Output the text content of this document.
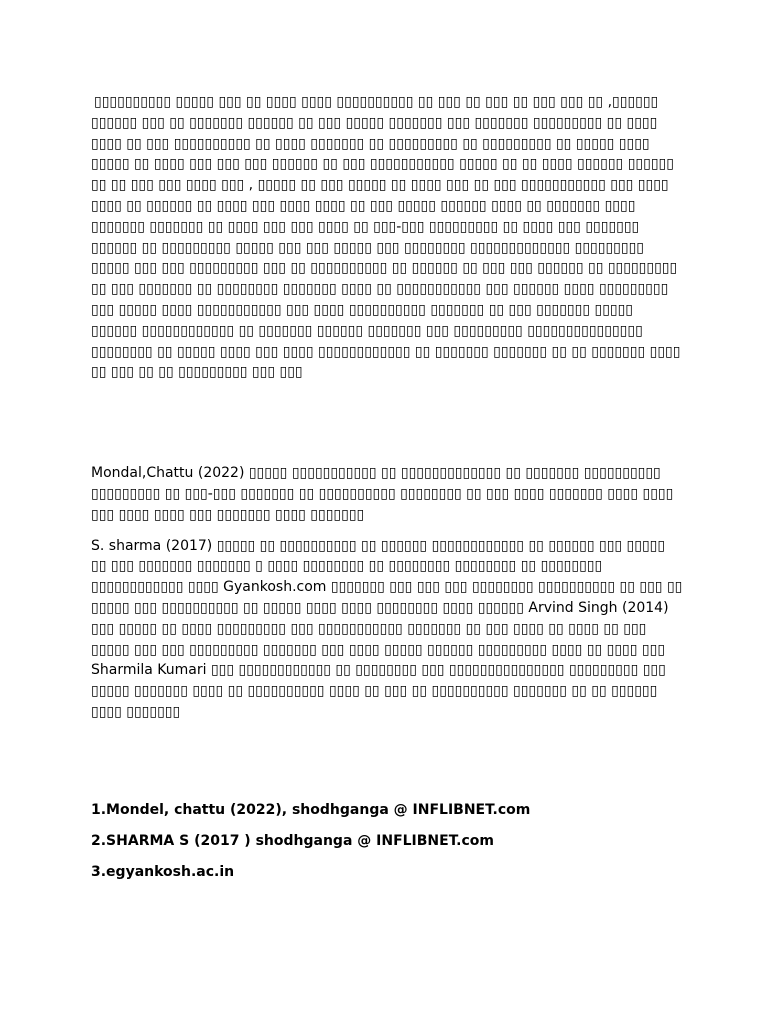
▯▯▯▯▯▯▯▯▯▯ ▯▯▯▯▯ ▯▯▯ ▯▯ ▯▯▯▯ ▯▯▯▯ ▯▯▯▯▯▯▯▯▯▯ ▯▯ ▯▯▯ ▯▯ ▯▯▯ ▯▯ ▯▯▯ ▯▯▯ ▯▯ ,▯▯▯▯▯▯ ▯▯▯▯▯▯ ▯▯▯ ▯▯ ▯▯▯▯▯▯▯ ▯▯▯▯▯▯ ▯▯ ▯▯▯ ▯▯▯▯▯ ▯▯▯▯▯▯▯ ▯▯▯ ▯▯▯▯▯▯▯ ▯▯▯▯▯▯▯▯▯ ▯▯ ▯▯▯▯ ▯▯▯▯ ▯▯ ▯▯▯ ▯▯▯▯▯▯▯▯▯▯ ▯▯ ▯▯▯▯ ▯▯▯▯▯▯▯ ▯▯ ▯▯▯▯▯▯▯▯▯ ▯▯ ▯▯▯▯▯▯▯▯▯ ▯▯ ▯▯▯▯▯ ▯▯▯▯ ▯▯▯▯▯ ▯▯ ▯▯▯▯ ▯▯▯ ▯▯▯ ▯▯▯ ▯▯▯▯▯▯ ▯▯ ▯▯▯ ▯▯▯▯▯▯▯▯▯▯▯ ▯▯▯▯▯ ▯▯ ▯▯ ▯▯▯▯ ▯▯▯▯▯▯ ▯▯▯▯▯▯ ▯▯ ▯▯ ▯▯▯ ▯▯▯ ▯▯▯▯ ▯▯▯ , ▯▯▯▯▯ ▯▯ ▯▯▯ ▯▯▯▯▯ ▯▯ ▯▯▯▯ ▯▯▯ ▯▯ ▯▯▯ ▯▯▯▯▯▯▯▯▯▯▯ ▯▯▯ ▯▯▯▯ ▯▯▯▯ ▯▯ ▯▯▯▯▯▯ ▯▯ ▯▯▯▯ ▯▯▯ ▯▯▯▯ ▯▯▯▯ ▯▯ ▯▯▯ ▯▯▯▯▯ ▯▯▯▯▯▯ ▯▯▯▯ ▯▯ ▯▯▯▯▯▯▯ ▯▯▯▯ ▯▯▯▯▯▯▯ ▯▯▯▯▯▯▯ ▯▯ ▯▯▯▯ ▯▯▯ ▯▯▯ ▯▯▯▯ ▯▯ ▯▯▯-▯▯▯ ▯▯▯▯▯▯▯▯▯ ▯▯ ▯▯▯▯ ▯▯▯ ▯▯▯▯▯▯▯ ▯▯▯▯▯▯ ▯▯ ▯▯▯▯▯▯▯▯▯ ▯▯▯▯▯ ▯▯▯ ▯▯▯ ▯▯▯▯▯ ▯▯▯ ▯▯▯▯▯▯▯▯ ▯▯▯▯▯▯▯▯▯▯▯▯▯ ▯▯▯▯▯▯▯▯▯ ▯▯▯▯▯ ▯▯▯ ▯▯▯ ▯▯▯▯▯▯▯▯▯ ▯▯▯ ▯▯ ▯▯▯▯▯▯▯▯▯▯ ▯▯ ▯▯▯▯▯▯ ▯▯ ▯▯▯ ▯▯▯ ▯▯▯▯▯▯ ▯▯ ▯▯▯▯▯▯▯▯▯ ▯▯ ▯▯▯ ▯▯▯▯▯▯▯ ▯▯ ▯▯▯▯▯▯▯▯ ▯▯▯▯▯▯▯ ▯▯▯▯ ▯▯ ▯▯▯▯▯▯▯▯▯▯▯ ▯▯▯ ▯▯▯▯▯▯ ▯▯▯▯ ▯▯▯▯▯▯▯▯▯ ▯▯▯ ▯▯▯▯▯ ▯▯▯▯ ▯▯▯▯▯▯▯▯▯▯▯ ▯▯▯ ▯▯▯▯ ▯▯▯▯▯▯▯▯▯▯ ▯▯▯▯▯▯▯ ▯▯ ▯▯▯ ▯▯▯▯▯▯▯ ▯▯▯▯▯ ▯▯▯▯▯▯ ▯▯▯▯▯▯▯▯▯▯▯▯ ▯▯ ▯▯▯▯▯▯▯ ▯▯▯▯▯▯ ▯▯▯▯▯▯▯ ▯▯▯ ▯▯▯▯▯▯▯▯▯ ▯▯▯▯▯▯▯▯▯▯▯▯▯▯▯ ▯▯▯▯▯▯▯▯ ▯▯ ▯▯▯▯▯ ▯▯▯▯ ▯▯▯ ▯▯▯▯ ▯▯▯▯▯▯▯▯▯▯▯▯ ▯▯ ▯▯▯▯▯▯▯ ▯▯▯▯▯▯▯ ▯▯ ▯▯ ▯▯▯▯▯▯▯ ▯▯▯▯ ▯▯ ▯▯▯ ▯▯ ▯▯ ▯▯▯▯▯▯▯▯▯ ▯▯▯ ▯▯▯

Mondal,Chattu (2022) ▯▯▯▯▯ ▯▯▯▯▯▯▯▯▯▯▯ ▯▯ ▯▯▯▯▯▯▯▯▯▯▯▯▯ ▯▯ ▯▯▯▯▯▯▯ ▯▯▯▯▯▯▯▯▯▯ ▯▯▯▯▯▯▯▯▯ ▯▯ ▯▯▯-▯▯▯ ▯▯▯▯▯▯▯ ▯▯ ▯▯▯▯▯▯▯▯▯▯ ▯▯▯▯▯▯▯▯ ▯▯ ▯▯▯ ▯▯▯▯ ▯▯▯▯▯▯▯ ▯▯▯▯ ▯▯▯▯ ▯▯▯ ▯▯▯▯ ▯▯▯▯ ▯▯▯ ▯▯▯▯▯▯▯ ▯▯▯▯ ▯▯▯▯▯▯▯

S. sharma (2017) ▯▯▯▯▯ ▯▯ ▯▯▯▯▯▯▯▯▯▯ ▯▯ ▯▯▯▯▯▯ ▯▯▯▯▯▯▯▯▯▯▯▯ ▯▯ ▯▯▯▯▯▯ ▯▯▯ ▯▯▯▯▯ ▯▯ ▯▯▯ ▯▯▯▯▯▯▯ ▯▯▯▯▯▯▯ ▯ ▯▯▯▯ ▯▯▯▯▯▯▯▯ ▯▯ ▯▯▯▯▯▯▯▯ ▯▯▯▯▯▯▯▯ ▯▯ ▯▯▯▯▯▯▯▯ ▯▯▯▯▯▯▯▯▯▯▯▯ ▯▯▯▯ Gyankosh.com ▯▯▯▯▯▯▯ ▯▯▯ ▯▯▯ ▯▯▯ ▯▯▯▯▯▯▯▯ ▯▯▯▯▯▯▯▯▯▯ ▯▯ ▯▯▯ ▯▯ ▯▯▯▯▯ ▯▯▯ ▯▯▯▯▯▯▯▯▯▯ ▯▯ ▯▯▯▯▯ ▯▯▯▯ ▯▯▯▯ ▯▯▯▯▯▯▯▯ ▯▯▯▯ ▯▯▯▯▯▯ Arvind Singh (2014) ▯▯▯ ▯▯▯▯▯ ▯▯ ▯▯▯▯ ▯▯▯▯▯▯▯▯▯ ▯▯▯ ▯▯▯▯▯▯▯▯▯▯▯ ▯▯▯▯▯▯▯ ▯▯ ▯▯▯ ▯▯▯▯ ▯▯ ▯▯▯▯ ▯▯ ▯▯▯ ▯▯▯▯▯ ▯▯▯ ▯▯▯ ▯▯▯▯▯▯▯▯▯ ▯▯▯▯▯▯▯ ▯▯▯ ▯▯▯▯ ▯▯▯▯▯ ▯▯▯▯▯▯ ▯▯▯▯▯▯▯▯▯ ▯▯▯▯ ▯▯ ▯▯▯▯ ▯▯▯ Sharmila Kumari ▯▯▯ ▯▯▯▯▯▯▯▯▯▯▯▯ ▯▯ ▯▯▯▯▯▯▯▯ ▯▯▯ ▯▯▯▯▯▯▯▯▯▯▯▯▯▯▯ ▯▯▯▯▯▯▯▯▯ ▯▯▯ ▯▯▯▯▯ ▯▯▯▯▯▯▯ ▯▯▯▯ ▯▯ ▯▯▯▯▯▯▯▯▯▯ ▯▯▯▯ ▯▯ ▯▯▯ ▯▯ ▯▯▯▯▯▯▯▯▯▯ ▯▯▯▯▯▯▯ ▯▯ ▯▯ ▯▯▯▯▯▯ ▯▯▯▯ ▯▯▯▯▯▯▯

1.Mondel, chattu (2022), shodhganga @ INFLIBNET.com

2.SHARMA S (2017 ) shodhganga @ INFLIBNET.com

3.egyankosh.ac.in
